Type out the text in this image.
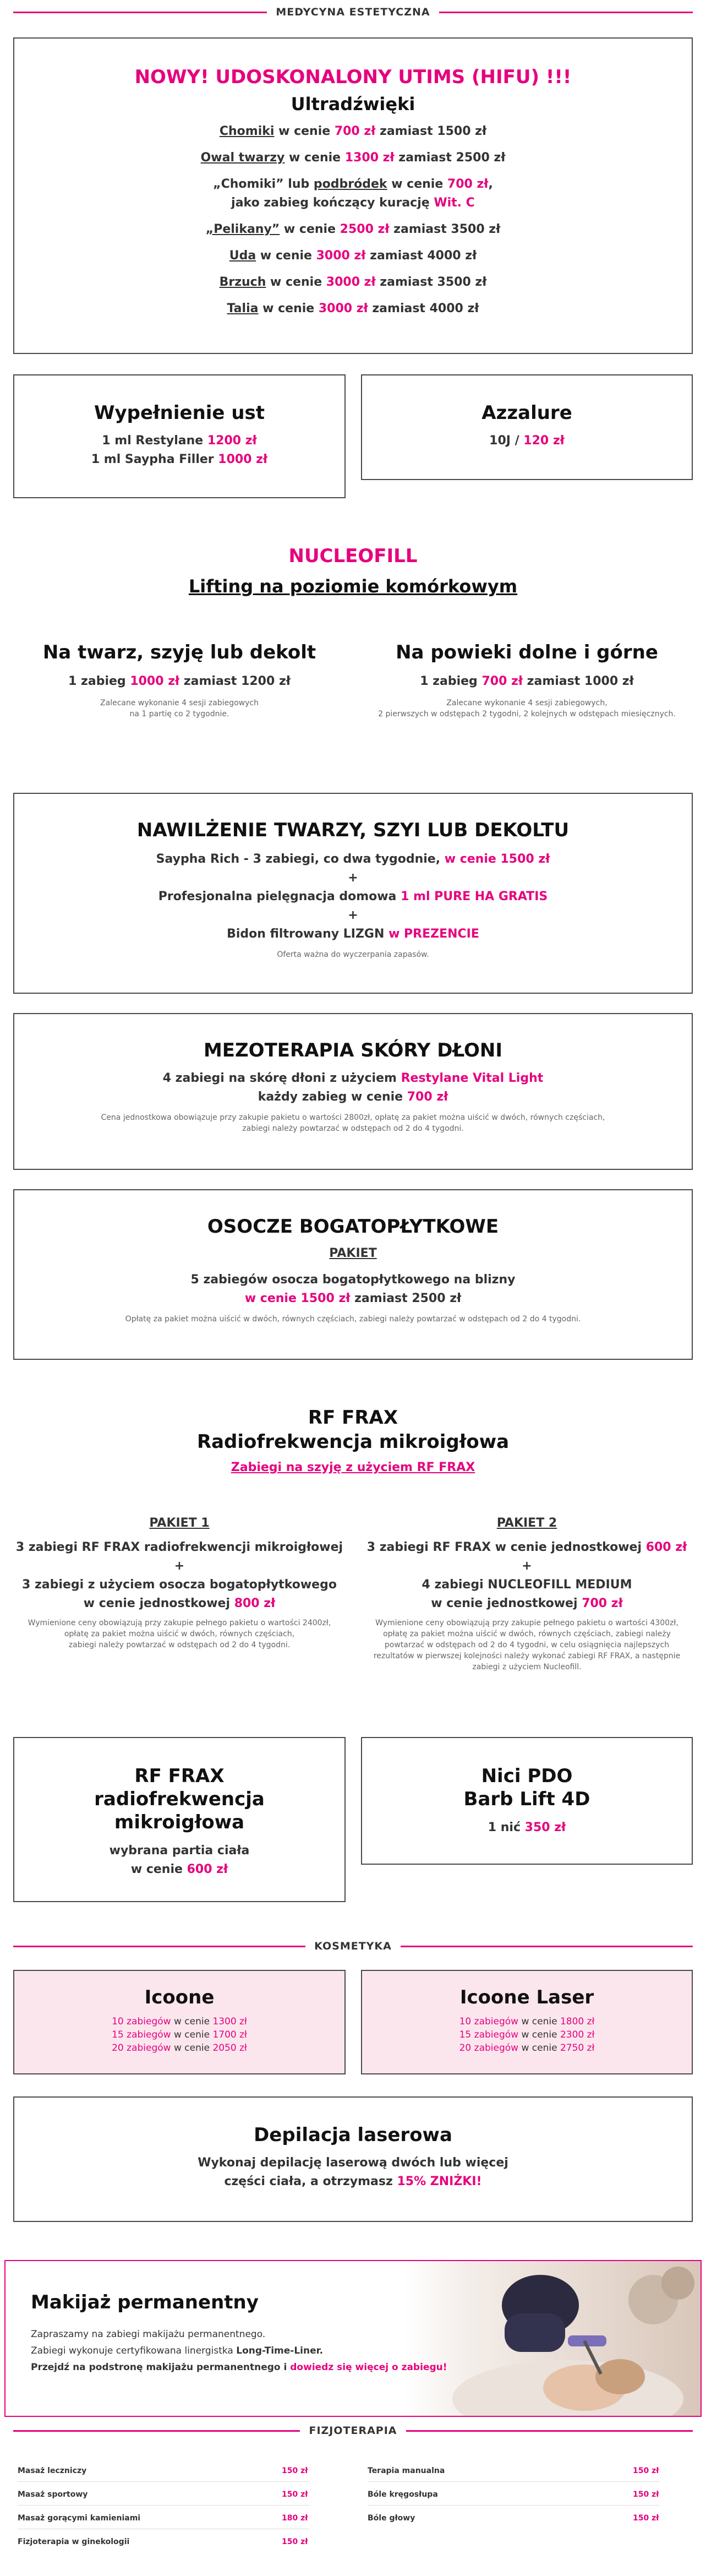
MEDYCYNA ESTETYCZNA
NOWY! UDOSKONALONY UTIMS (HIFU) !!!
Ultradźwięki
Chomiki w cenie 700 zł zamiast 1500 zł
Owal twarzy w cenie 1300 zł zamiast 2500 zł
„Chomiki” lub podbródek w cenie 700 zł,
jako zabieg kończący kurację Wit. C
„Pelikany” w cenie 2500 zł zamiast 3500 zł
Uda w cenie 3000 zł zamiast 4000 zł
Brzuch w cenie 3000 zł zamiast 3500 zł
Talia w cenie 3000 zł zamiast 4000 zł
Wypełnienie ust
1 ml Restylane 1200 zł
1 ml Saypha Filler 1000 zł
Azzalure
10J / 120 zł
NUCLEOFILL
Lifting na poziomie komórkowym
Na twarz, szyję lub dekolt
1 zabieg 1000 zł zamiast 1200 zł
Zalecane wykonanie 4 sesji zabiegowych
na 1 partię co 2 tygodnie.
Na powieki dolne i górne
1 zabieg 700 zł zamiast 1000 zł
Zalecane wykonanie 4 sesji zabiegowych,
2 pierwszych w odstępach 2 tygodni, 2 kolejnych w odstępach miesięcznych.
NAWILŻENIE TWARZY, SZYI LUB DEKOLTU
Saypha Rich - 3 zabiegi, co dwa tygodnie, w cenie 1500 zł
+
Profesjonalna pielęgnacja domowa 1 ml PURE HA GRATIS
+
Bidon filtrowany LIZGN w PREZENCIE
Oferta ważna do wyczerpania zapasów.
MEZOTERAPIA SKÓRY DŁONI
4 zabiegi na skórę dłoni z użyciem Restylane Vital Light
każdy zabieg w cenie 700 zł
Cena jednostkowa obowiązuje przy zakupie pakietu o wartości 2800zł, opłatę za pakiet można uiścić w dwóch, równych częściach,
zabiegi należy powtarzać w odstępach od 2 do 4 tygodni.
OSOCZE BOGATOPŁYTKOWE
PAKIET
5 zabiegów osocza bogatopłytkowego na blizny
w cenie 1500 zł zamiast 2500 zł
Opłatę za pakiet można uiścić w dwóch, równych częściach, zabiegi należy powtarzać w odstępach od 2 do 4 tygodni.
RF FRAX
Radiofrekwencja mikroigłowa
Zabiegi na szyję z użyciem RF FRAX
PAKIET 1
3 zabiegi RF FRAX radiofrekwencji mikroigłowej
+
3 zabiegi z użyciem osocza bogatopłytkowego
w cenie jednostkowej 800 zł
Wymienione ceny obowiązują przy zakupie pełnego pakietu o wartości 2400zł,
opłatę za pakiet można uiścić w dwóch, równych częściach,
zabiegi należy powtarzać w odstępach od 2 do 4 tygodni.
PAKIET 2
3 zabiegi RF FRAX w cenie jednostkowej 600 zł
+
4 zabiegi NUCLEOFILL MEDIUM
w cenie jednostkowej 700 zł
Wymienione ceny obowiązują przy zakupie pełnego pakietu o wartości 4300zł,
opłatę za pakiet można uiścić w dwóch, równych częściach, zabiegi należy
powtarzać w odstępach od 2 do 4 tygodni, w celu osiągnięcia najlepszych
rezultatów w pierwszej kolejności należy wykonać zabiegi RF FRAX, a następnie
zabiegi z użyciem Nucleofill.
RF FRAX
radiofrekwencja
mikroigłowa
wybrana partia ciała
w cenie 600 zł
Nici PDO
Barb Lift 4D
1 nić 350 zł
KOSMETYKA
Icoone
10 zabiegów w cenie 1300 zł
15 zabiegów w cenie 1700 zł
20 zabiegów w cenie 2050 zł
Icoone Laser
10 zabiegów w cenie 1800 zł
15 zabiegów w cenie 2300 zł
20 zabiegów w cenie 2750 zł
Depilacja laserowa
Wykonaj depilację laserową dwóch lub więcej
części ciała, a otrzymasz 15% ZNIŻKI!
Makijaż permanentny
Zapraszamy na zabiegi makijażu permanentnego.
Zabiegi wykonuje certyfikowana linergistka Long-Time-Liner.
Przejdź na podstronę makijażu permanentnego i dowiedz się więcej o zabiegu!
FIZJOTERAPIA
Masaż leczniczy	150 zł
Masaż sportowy	150 zł
Masaż gorącymi kamieniami	180 zł
Fizjoterapia w ginekologii	150 zł
Terapia manualna	150 zł
Bóle kręgosłupa	150 zł
Bóle głowy	150 zł
